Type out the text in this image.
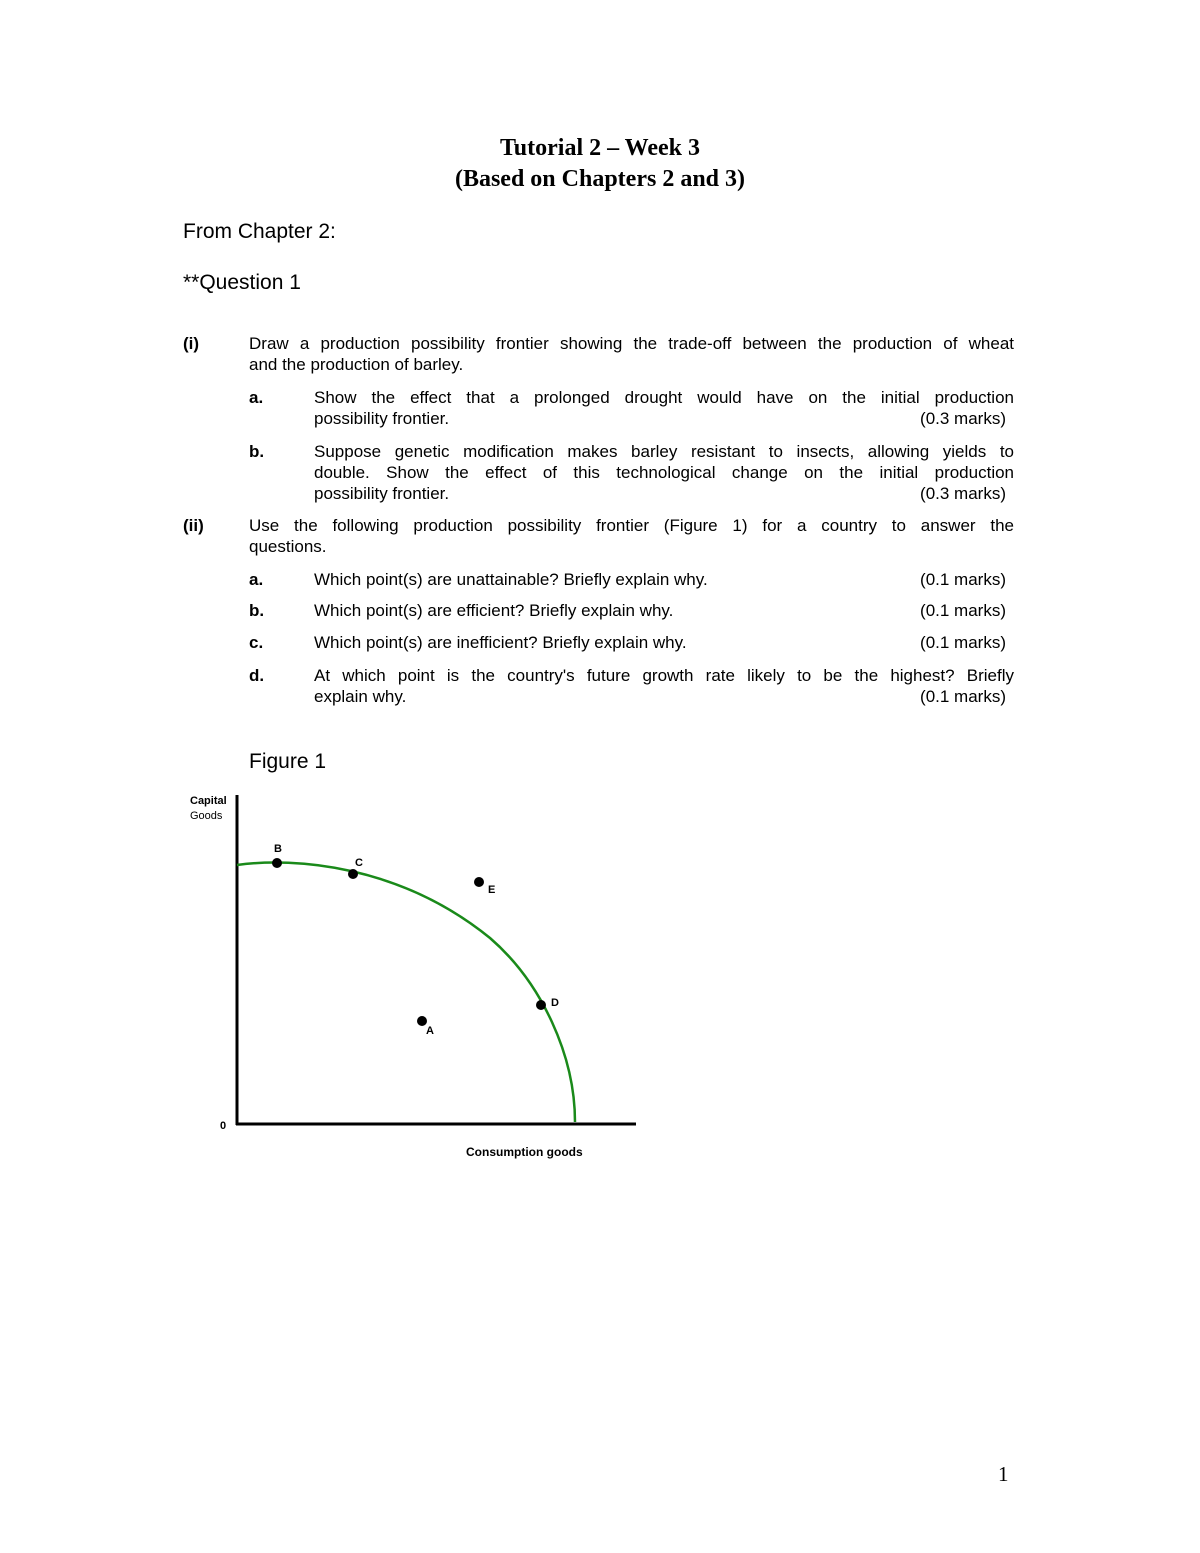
Tutorial 2 – Week 3
(Based on Chapters 2 and 3)
From Chapter 2:
**Question 1
(i)	Draw a production possibility frontier showing the trade-off between the production of wheat
and the production of barley.
a.	Show the effect that a prolonged drought would have on the initial production
possibility frontier.	(0.3 marks)
b.	Suppose genetic modification makes barley resistant to insects, allowing yields to
double. Show the effect of this technological change on the initial production
possibility frontier.	(0.3 marks)
(ii)	Use the following production possibility frontier (Figure 1) for a country to answer the
questions.
a.	Which point(s) are unattainable? Briefly explain why.	(0.1 marks)
b.	Which point(s) are efficient? Briefly explain why.	(0.1 marks)
c.	Which point(s) are inefficient? Briefly explain why.	(0.1 marks)
d.	At which point is the country's future growth rate likely to be the highest? Briefly
explain why.	(0.1 marks)
Figure 1
Capital
Goods
0
Consumption goods
B
C
E
D
A
1
